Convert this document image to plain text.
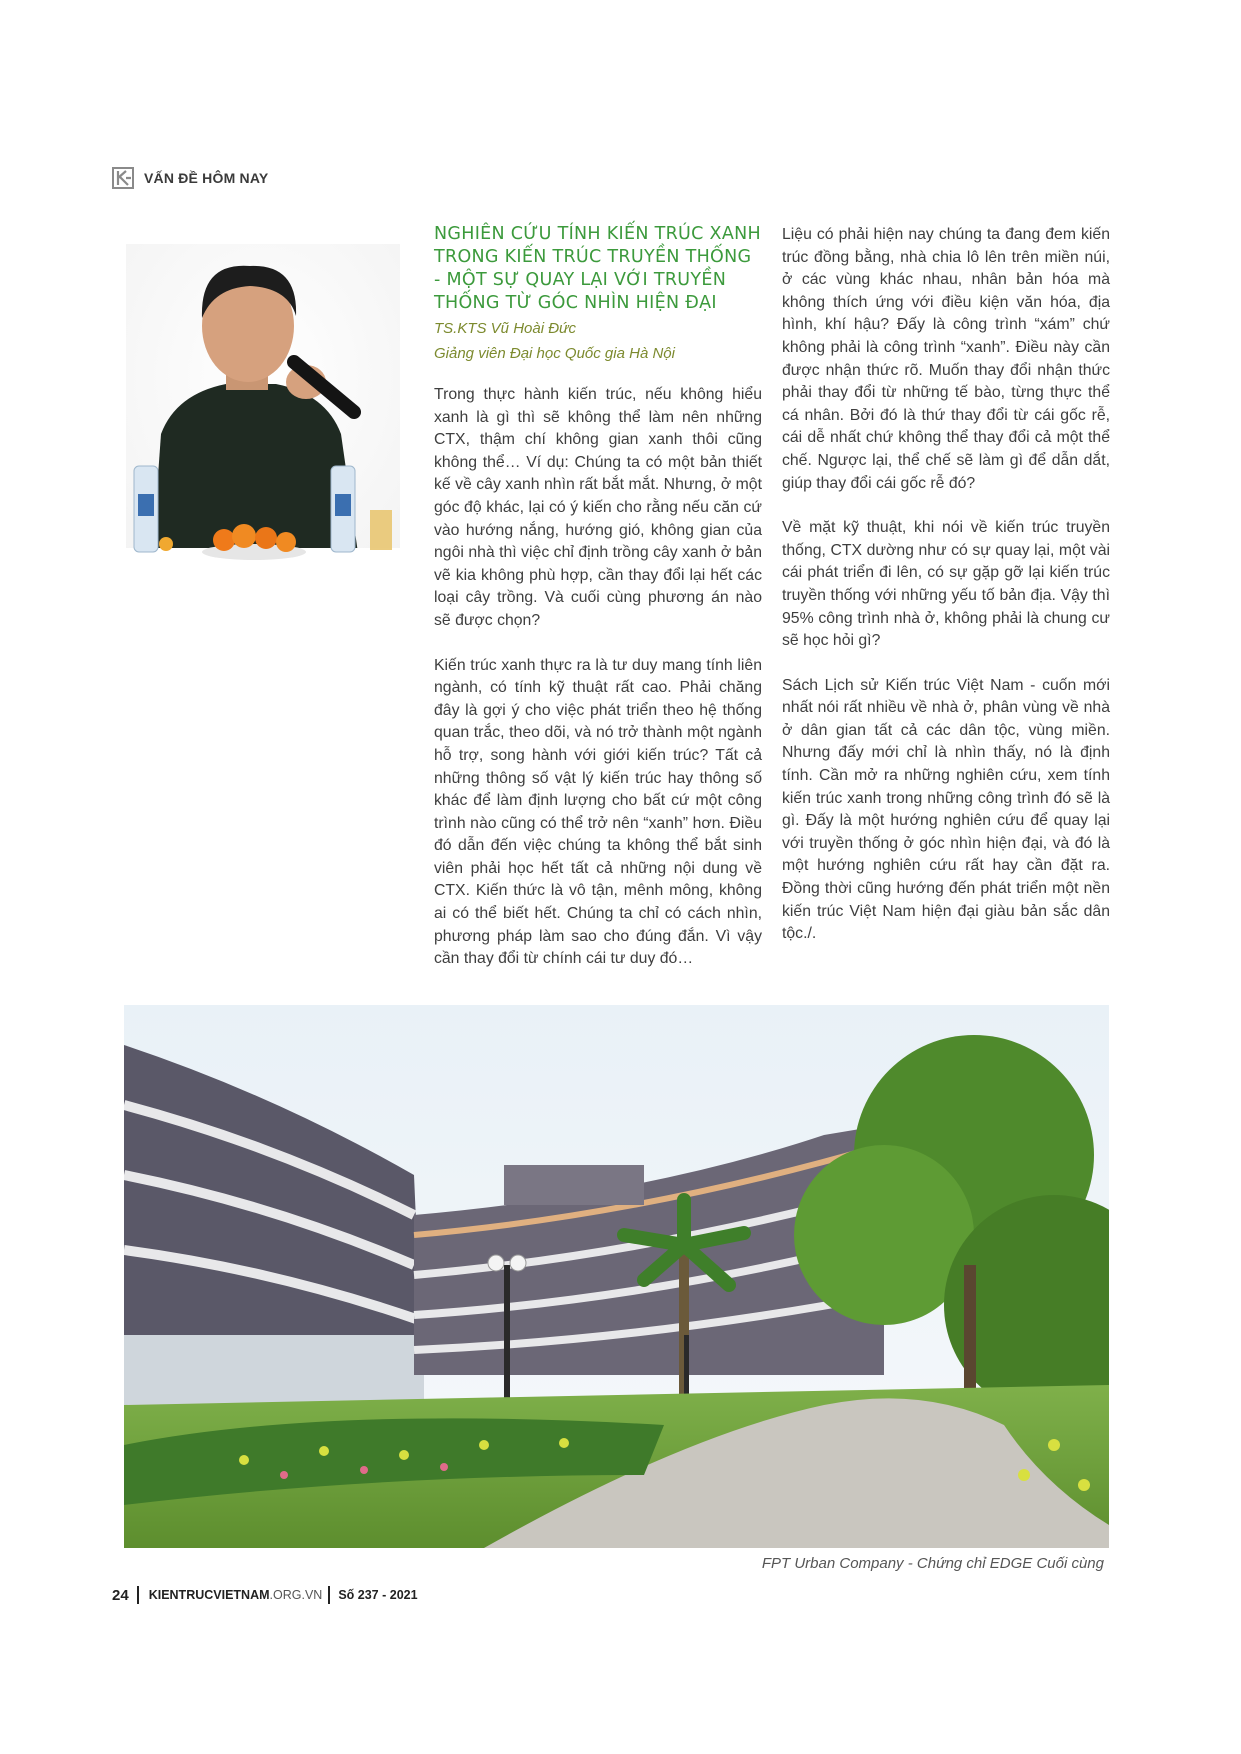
VẤN ĐỀ HÔM NAY
NGHIÊN CỨU TÍNH KIẾN TRÚC XANH TRONG KIẾN TRÚC TRUYỀN THỐNG - MỘT SỰ QUAY LẠI VỚI TRUYỀN THỐNG TỪ GÓC NHÌN HIỆN ĐẠI
TS.KTS Vũ Hoài Đức
Giảng viên Đại học Quốc gia Hà Nội

Trong thực hành kiến trúc, nếu không hiểu xanh là gì thì sẽ không thể làm nên những CTX, thậm chí không gian xanh thôi cũng không thể… Ví dụ: Chúng ta có một bản thiết kế về cây xanh nhìn rất bắt mắt. Nhưng, ở một góc độ khác, lại có ý kiến cho rằng nếu căn cứ vào hướng nắng, hướng gió, không gian của ngôi nhà thì việc chỉ định trồng cây xanh ở bản vẽ kia không phù hợp, cần thay đổi lại hết các loại cây trồng. Và cuối cùng phương án nào sẽ được chọn?

Kiến trúc xanh thực ra là tư duy mang tính liên ngành, có tính kỹ thuật rất cao. Phải chăng đây là gợi ý cho việc phát triển theo hệ thống quan trắc, theo dõi, và nó trở thành một ngành hỗ trợ, song hành với giới kiến trúc? Tất cả những thông số vật lý kiến trúc hay thông số khác để làm định lượng cho bất cứ một công trình nào cũng có thể trở nên “xanh” hơn. Điều đó dẫn đến việc chúng ta không thể bắt sinh viên phải học hết tất cả những nội dung về CTX. Kiến thức là vô tận, mênh mông, không ai có thể biết hết. Chúng ta chỉ có cách nhìn, phương pháp làm sao cho đúng đắn. Vì vậy cần thay đổi từ chính cái tư duy đó…

Liệu có phải hiện nay chúng ta đang đem kiến trúc đồng bằng, nhà chia lô lên trên miền núi, ở các vùng khác nhau, nhân bản hóa mà không thích ứng với điều kiện văn hóa, địa hình, khí hậu? Đấy là công trình “xám” chứ không phải là công trình “xanh”. Điều này cần được nhận thức rõ. Muốn thay đổi nhận thức phải thay đổi từ những tế bào, từng thực thể cá nhân. Bởi đó là thứ thay đổi từ cái gốc rễ, cái dễ nhất chứ không thể thay đổi cả một thể chế. Ngược lại, thể chế sẽ làm gì để dẫn dắt, giúp thay đổi cái gốc rễ đó?

Về mặt kỹ thuật, khi nói về kiến trúc truyền thống, CTX dường như có sự quay lại, một vài cái phát triển đi lên, có sự gặp gỡ lại kiến trúc truyền thống với những yếu tố bản địa. Vậy thì 95% công trình nhà ở, không phải là chung cư sẽ học hỏi gì?

Sách Lịch sử Kiến trúc Việt Nam - cuốn mới nhất nói rất nhiều về nhà ở, phân vùng về nhà ở dân gian tất cả các dân tộc, vùng miền. Nhưng đấy mới chỉ là nhìn thấy, nó là định tính. Cần mở ra những nghiên cứu, xem tính kiến trúc xanh trong những công trình đó sẽ là gì. Đấy là một hướng nghiên cứu để quay lại với truyền thống ở góc nhìn hiện đại, và đó là một hướng nghiên cứu rất hay cần đặt ra. Đồng thời cũng hướng đến phát triển một nền kiến trúc Việt Nam hiện đại giàu bản sắc dân tộc./.

FPT Urban Company - Chứng chỉ EDGE Cuối cùng
24	KIENTRUCVIETNAM.ORG.VN	Số 237 - 2021
